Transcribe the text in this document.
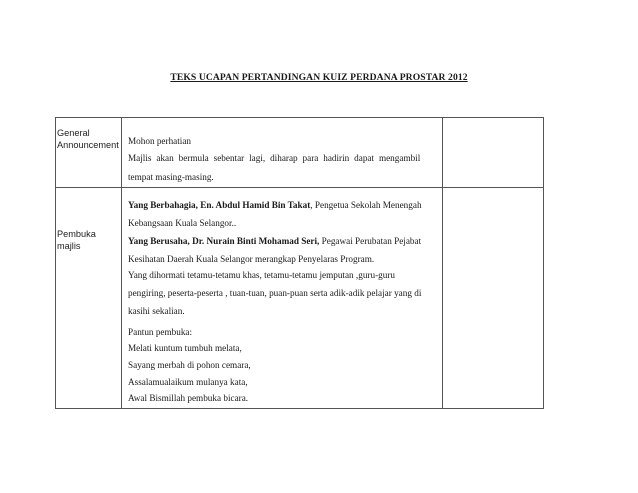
TEKS UCAPAN PERTANDINGAN KUIZ PERDANA PROSTAR 2012
General
Announcement Mohon perhatian
Majlis akan bermula sebentar lagi, diharap para hadirin dapat mengambil
tempat masing-masing.
Pembuka
majlis
Yang Berbahagia, En. Abdul Hamid Bin Takat, Pengetua Sekolah Menengah
Kebangsaan Kuala Selangor..
Yang Berusaha, Dr. Nurain Binti Mohamad Seri, Pegawai Perubatan Pejabat
Kesihatan Daerah Kuala Selangor merangkap Penyelaras Program.
Yang dihormati tetamu-tetamu khas, tetamu-tetamu jemputan ,guru-guru
pengiring, peserta-peserta , tuan-tuan, puan-puan serta adik-adik pelajar yang di
kasihi sekalian.
Pantun pembuka:
Melati kuntum tumbuh melata,
Sayang merbah di pohon cemara,
Assalamualaikum mulanya kata,
Awal Bismillah pembuka bicara.
